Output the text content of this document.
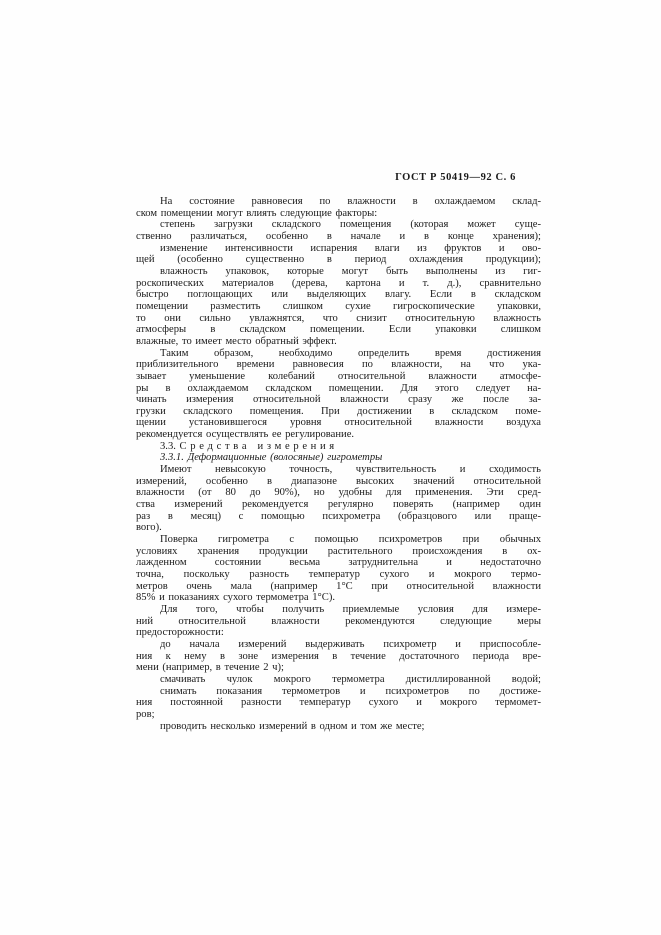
ГОСТ Р 50419—92 С. 6
На состояние равновесия по влажности в охлаждаемом склад-
ском помещении могут влиять следующие факторы:
степень загрузки складского помещения (которая может суще-
ственно различаться, особенно в начале и в конце хранения);
изменение интенсивности испарения влаги из фруктов и ово-
щей (особенно существенно в период охлаждения продукции);
влажность упаковок, которые могут быть выполнены из гиг-
роскопических материалов (дерева, картона и т. д.), сравнительно
быстро поглощающих или выделяющих влагу. Если в складском
помещении разместить слишком сухие гигроскопические упаковки,
то они сильно увлажнятся, что снизит относительную влажность
атмосферы в складском помещении. Если упаковки слишком
влажные, то имеет место обратный эффект.
Таким образом, необходимо определить время достижения
приблизительного времени равновесия по влажности, на что ука-
зывает уменьшение колебаний относительной влажности атмосфе-
ры в охлаждаемом складском помещении. Для этого следует на-
чинать измерения относительной влажности сразу же после за-
грузки складского помещения. При достижении в складском поме-
щении установившегося уровня относительной влажности воздуха
рекомендуется осуществлять ее регулирование.
3.3. С р е д с т в а   и з м е р е н и я
3.3.1. Деформационные (волосяные) гигрометры
Имеют невысокую точность, чувствительность и сходимость
измерений, особенно в диапазоне высоких значений относительной
влажности (от 80 до 90%), но удобны для применения. Эти сред-
ства измерений рекомендуется регулярно поверять (например один
раз в месяц) с помощью психрометра (образцового или праще-
вого).
Поверка гигрометра с помощью психрометров при обычных
условиях хранения продукции растительного происхождения в ох-
лажденном состоянии весьма затруднительна и недостаточно
точна, поскольку разность температур сухого и мокрого термо-
метров очень мала (например 1°С при относительной влажности
85% и показаниях сухого термометра 1°С).
Для того, чтобы получить приемлемые условия для измере-
ний относительной влажности рекомендуются следующие меры
предосторожности:
до начала измерений выдерживать психрометр и приспособле-
ния к нему в зоне измерения в течение достаточного периода вре-
мени (например, в течение 2 ч);
смачивать чулок мокрого термометра дистиллированной водой;
снимать показания термометров и психрометров по достиже-
ния постоянной разности температур сухого и мокрого термомет-
ров;
проводить несколько измерений в одном и том же месте;
